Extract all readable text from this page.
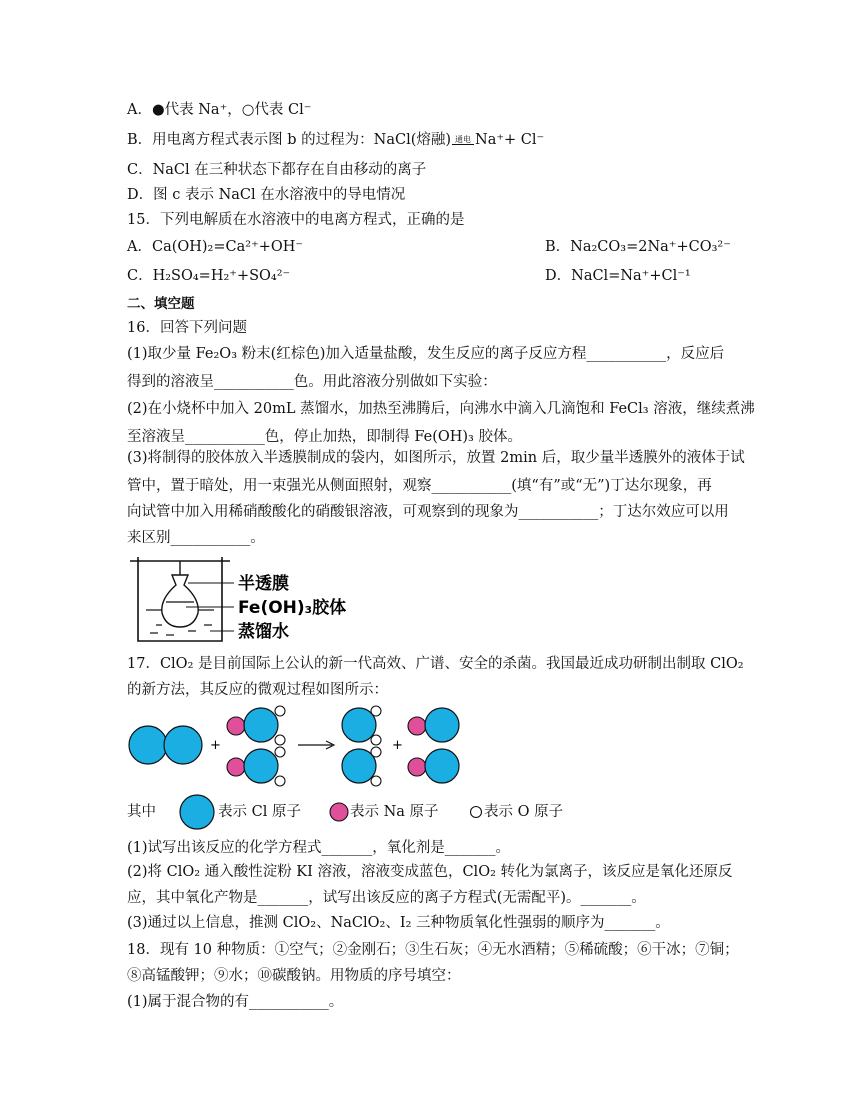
A．●代表 Na⁺，○代表 Cl⁻
B．用电离方程式表示图 b 的过程为：NaCl(熔融) 通电 Na⁺+ Cl⁻
C．NaCl 在三种状态下都存在自由移动的离子
D．图 c 表示 NaCl 在水溶液中的导电情况
15．下列电解质在水溶液中的电离方程式，正确的是
A．Ca(OH)₂=Ca²⁺+OH⁻	B．Na₂CO₃=2Na⁺+CO₃²⁻
C．H₂SO₄=H₂⁺+SO₄²⁻	D．NaCl=Na⁺+Cl⁻¹
二、填空题
16．回答下列问题
(1)取少量 Fe₂O₃ 粉末(红棕色)加入适量盐酸，发生反应的离子反应方程___________，反应后
得到的溶液呈___________色。用此溶液分别做如下实验：
(2)在小烧杯中加入 20mL 蒸馏水，加热至沸腾后，向沸水中滴入几滴饱和 FeCl₃ 溶液，继续煮沸
至溶液呈___________色，停止加热，即制得 Fe(OH)₃ 胶体。
(3)将制得的胶体放入半透膜制成的袋内，如图所示，放置 2min 后，取少量半透膜外的液体于试
管中，置于暗处，用一束强光从侧面照射，观察___________(填“有”或“无”)丁达尔现象，再
向试管中加入用稀硝酸酸化的硝酸银溶液，可观察到的现象为___________；丁达尔效应可以用
来区别___________。
半透膜
Fe(OH)₃胶体
蒸馏水
17．ClO₂ 是目前国际上公认的新一代高效、广谱、安全的杀菌。我国最近成功研制出制取 ClO₂
的新方法，其反应的微观过程如图所示：
+	+
其中	表示 Cl 原子	表示 Na 原子	表示 O 原子
(1)试写出该反应的化学方程式_______，氧化剂是_______。
(2)将 ClO₂ 通入酸性淀粉 KI 溶液，溶液变成蓝色，ClO₂ 转化为氯离子，该反应是氧化还原反
应，其中氧化产物是_______，试写出该反应的离子方程式(无需配平)。_______。
(3)通过以上信息，推测 ClO₂、NaClO₂、I₂ 三种物质氧化性强弱的顺序为_______。
18．现有 10 种物质：①空气；②金刚石；③生石灰；④无水酒精；⑤稀硫酸；⑥干冰；⑦铜；
⑧高锰酸钾；⑨水；⑩碳酸钠。用物质的序号填空：
(1)属于混合物的有___________。
